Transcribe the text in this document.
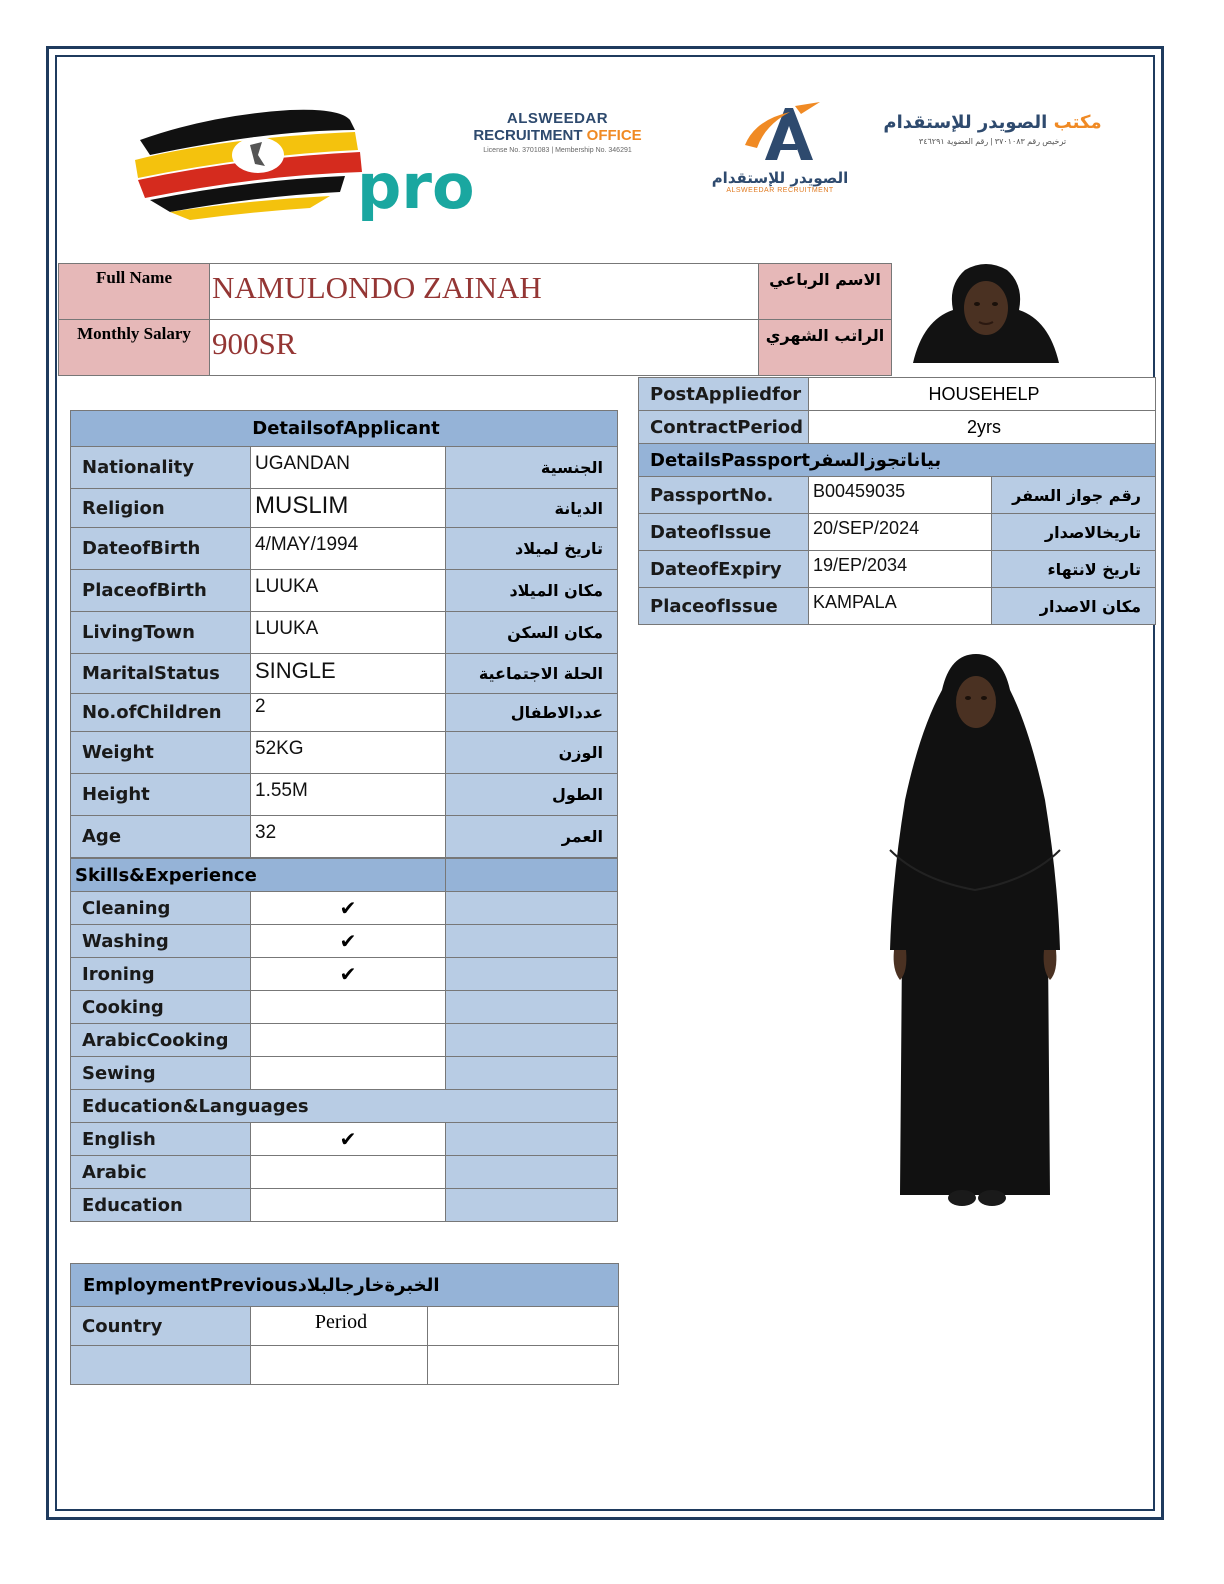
pro
ALSWEEDAR
RECRUITMENT OFFICE
License No. 3701083 | Membership No. 346291
الصويدر للإستقدام
ALSWEEDAR RECRUITMENT
مكتب الصويدر للإستقدام
ترخيص رقم ٣٧٠١٠٨٣ | رقم العضوية ٣٤٦٢٩١
Full Name	NAMULONDO ZAINAH	الاسم الرباعي
Monthly Salary	900SR	الراتب الشهري
PostAppliedfor	HOUSEHELP	
ContractPeriod	2yrs	
DetailsPassportبياناتجوزالسفر		
PassportNo.	B00459035	رقم جواز السفر
DateofIssue	20/SEP/2024	تاريخالاصدار
DateofExpiry	19/EP/2034	تاريخ لانتهاء
PlaceofIssue	KAMPALA	مكان الاصدار
DetailsofApplicant		
Nationality	UGANDAN	الجنسية
Religion	MUSLIM	الديانة
DateofBirth	4/MAY/1994	تاريخ لميلاد
PlaceofBirth	LUUKA	مكان الميلاد
LivingTown	LUUKA	مكان السكن
MaritalStatus	SINGLE	الحلة الاجتماعية
No.ofChildren	2	عددالاطفال
Weight	52KG	الوزن
Height	1.55M	الطول
Age	32	العمر
Skills&Experience		
Cleaning	✔	
Washing	✔	
Ironing	✔	
Cooking		
ArabicCooking		
Sewing		
Education&Languages		
English	✔	
Arabic		
Education		
EmploymentPreviousالخبرةخارجالبلاد		
Country	Period	
